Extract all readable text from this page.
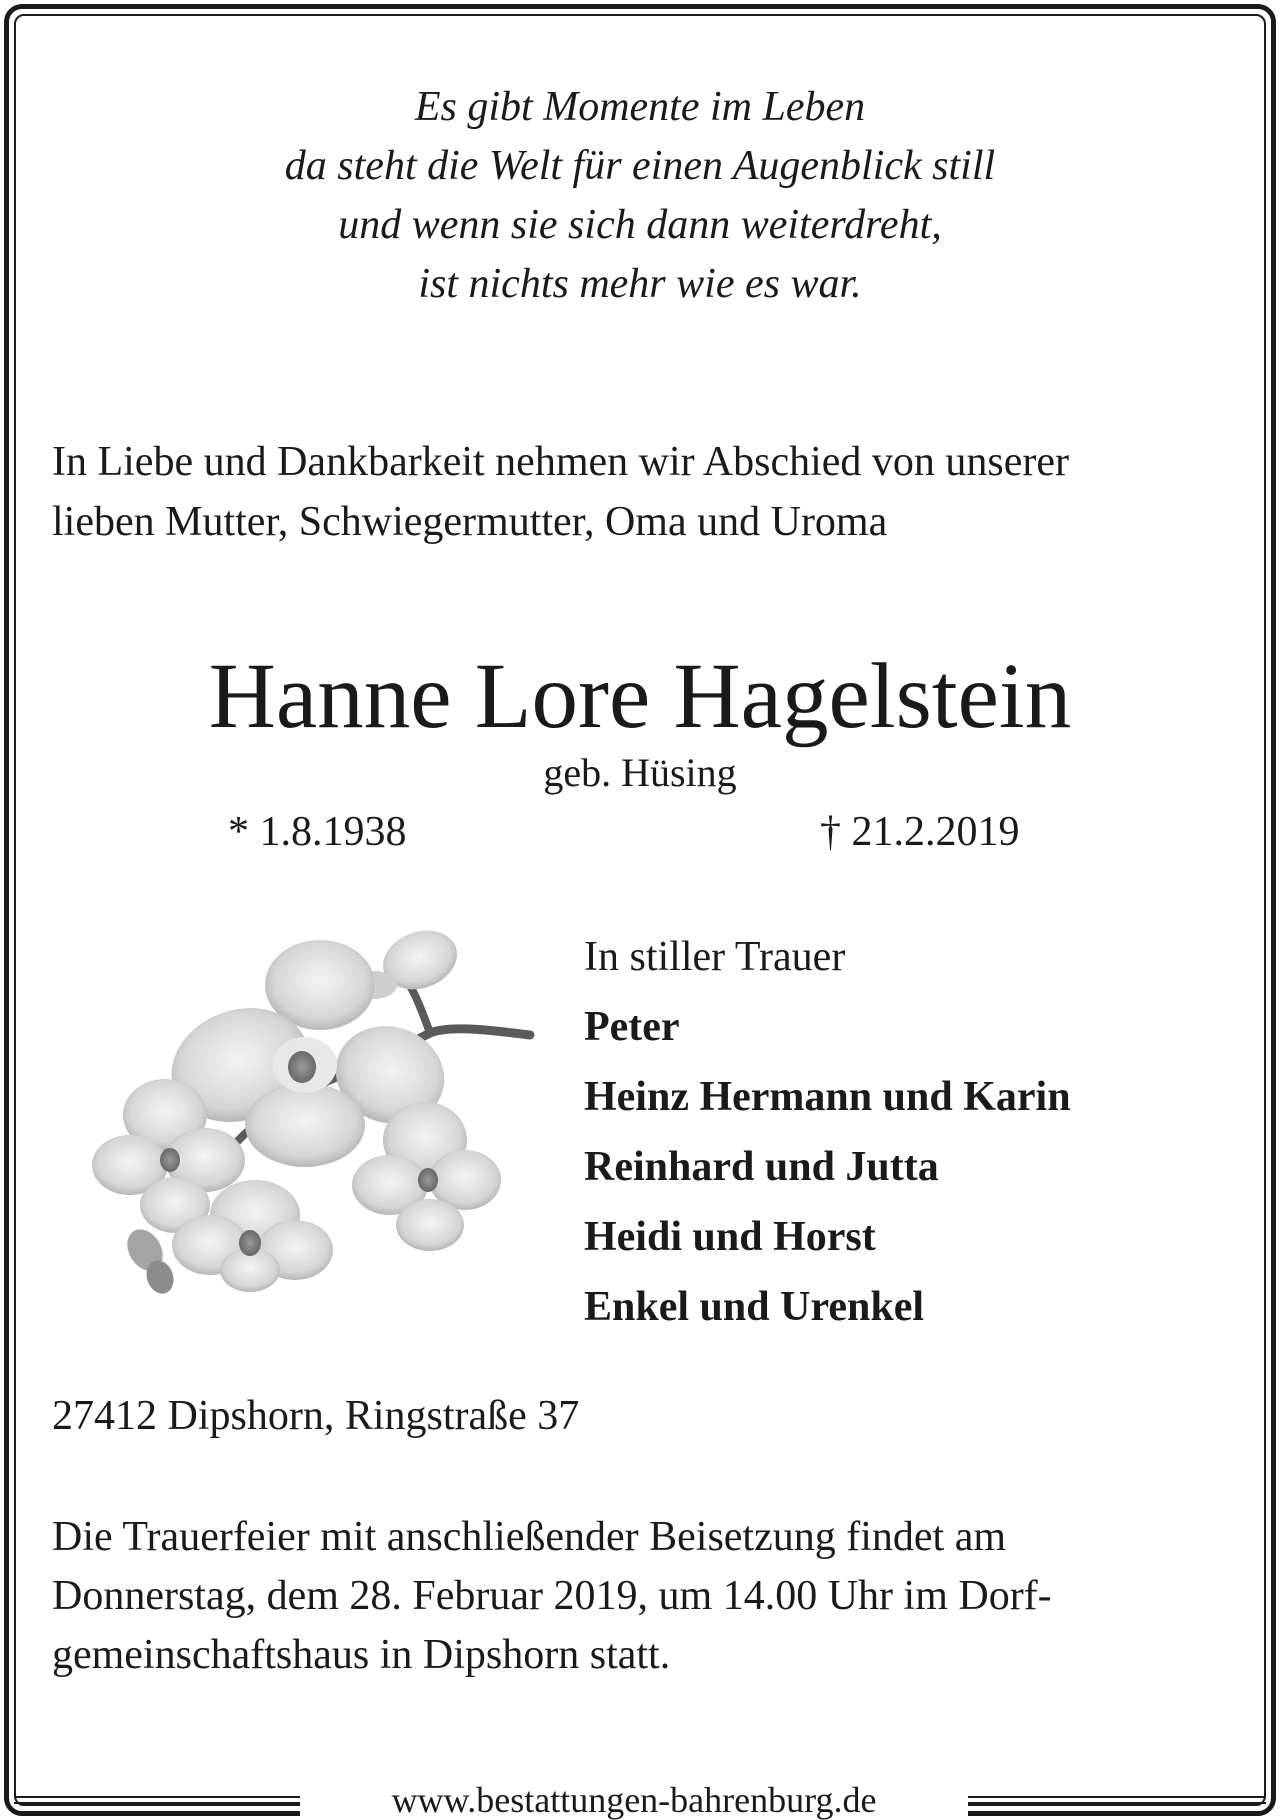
Es gibt Momente im Leben
da steht die Welt für einen Augenblick still
und wenn sie sich dann weiterdreht,
ist nichts mehr wie es war.
In Liebe und Dankbarkeit nehmen wir Abschied von unserer
lieben Mutter, Schwiegermutter, Oma und Uroma
Hanne Lore Hagelstein
geb. Hüsing
* 1.8.1938	† 21.2.2019
In stiller Trauer
Peter
Heinz Hermann und Karin
Reinhard und Jutta
Heidi und Horst
Enkel und Urenkel
27412 Dipshorn, Ringstraße 37
Die Trauerfeier mit anschließender Beisetzung findet am
Donnerstag, dem 28. Februar 2019, um 14.00 Uhr im Dorf-
gemeinschaftshaus in Dipshorn statt.
www.bestattungen-bahrenburg.de
